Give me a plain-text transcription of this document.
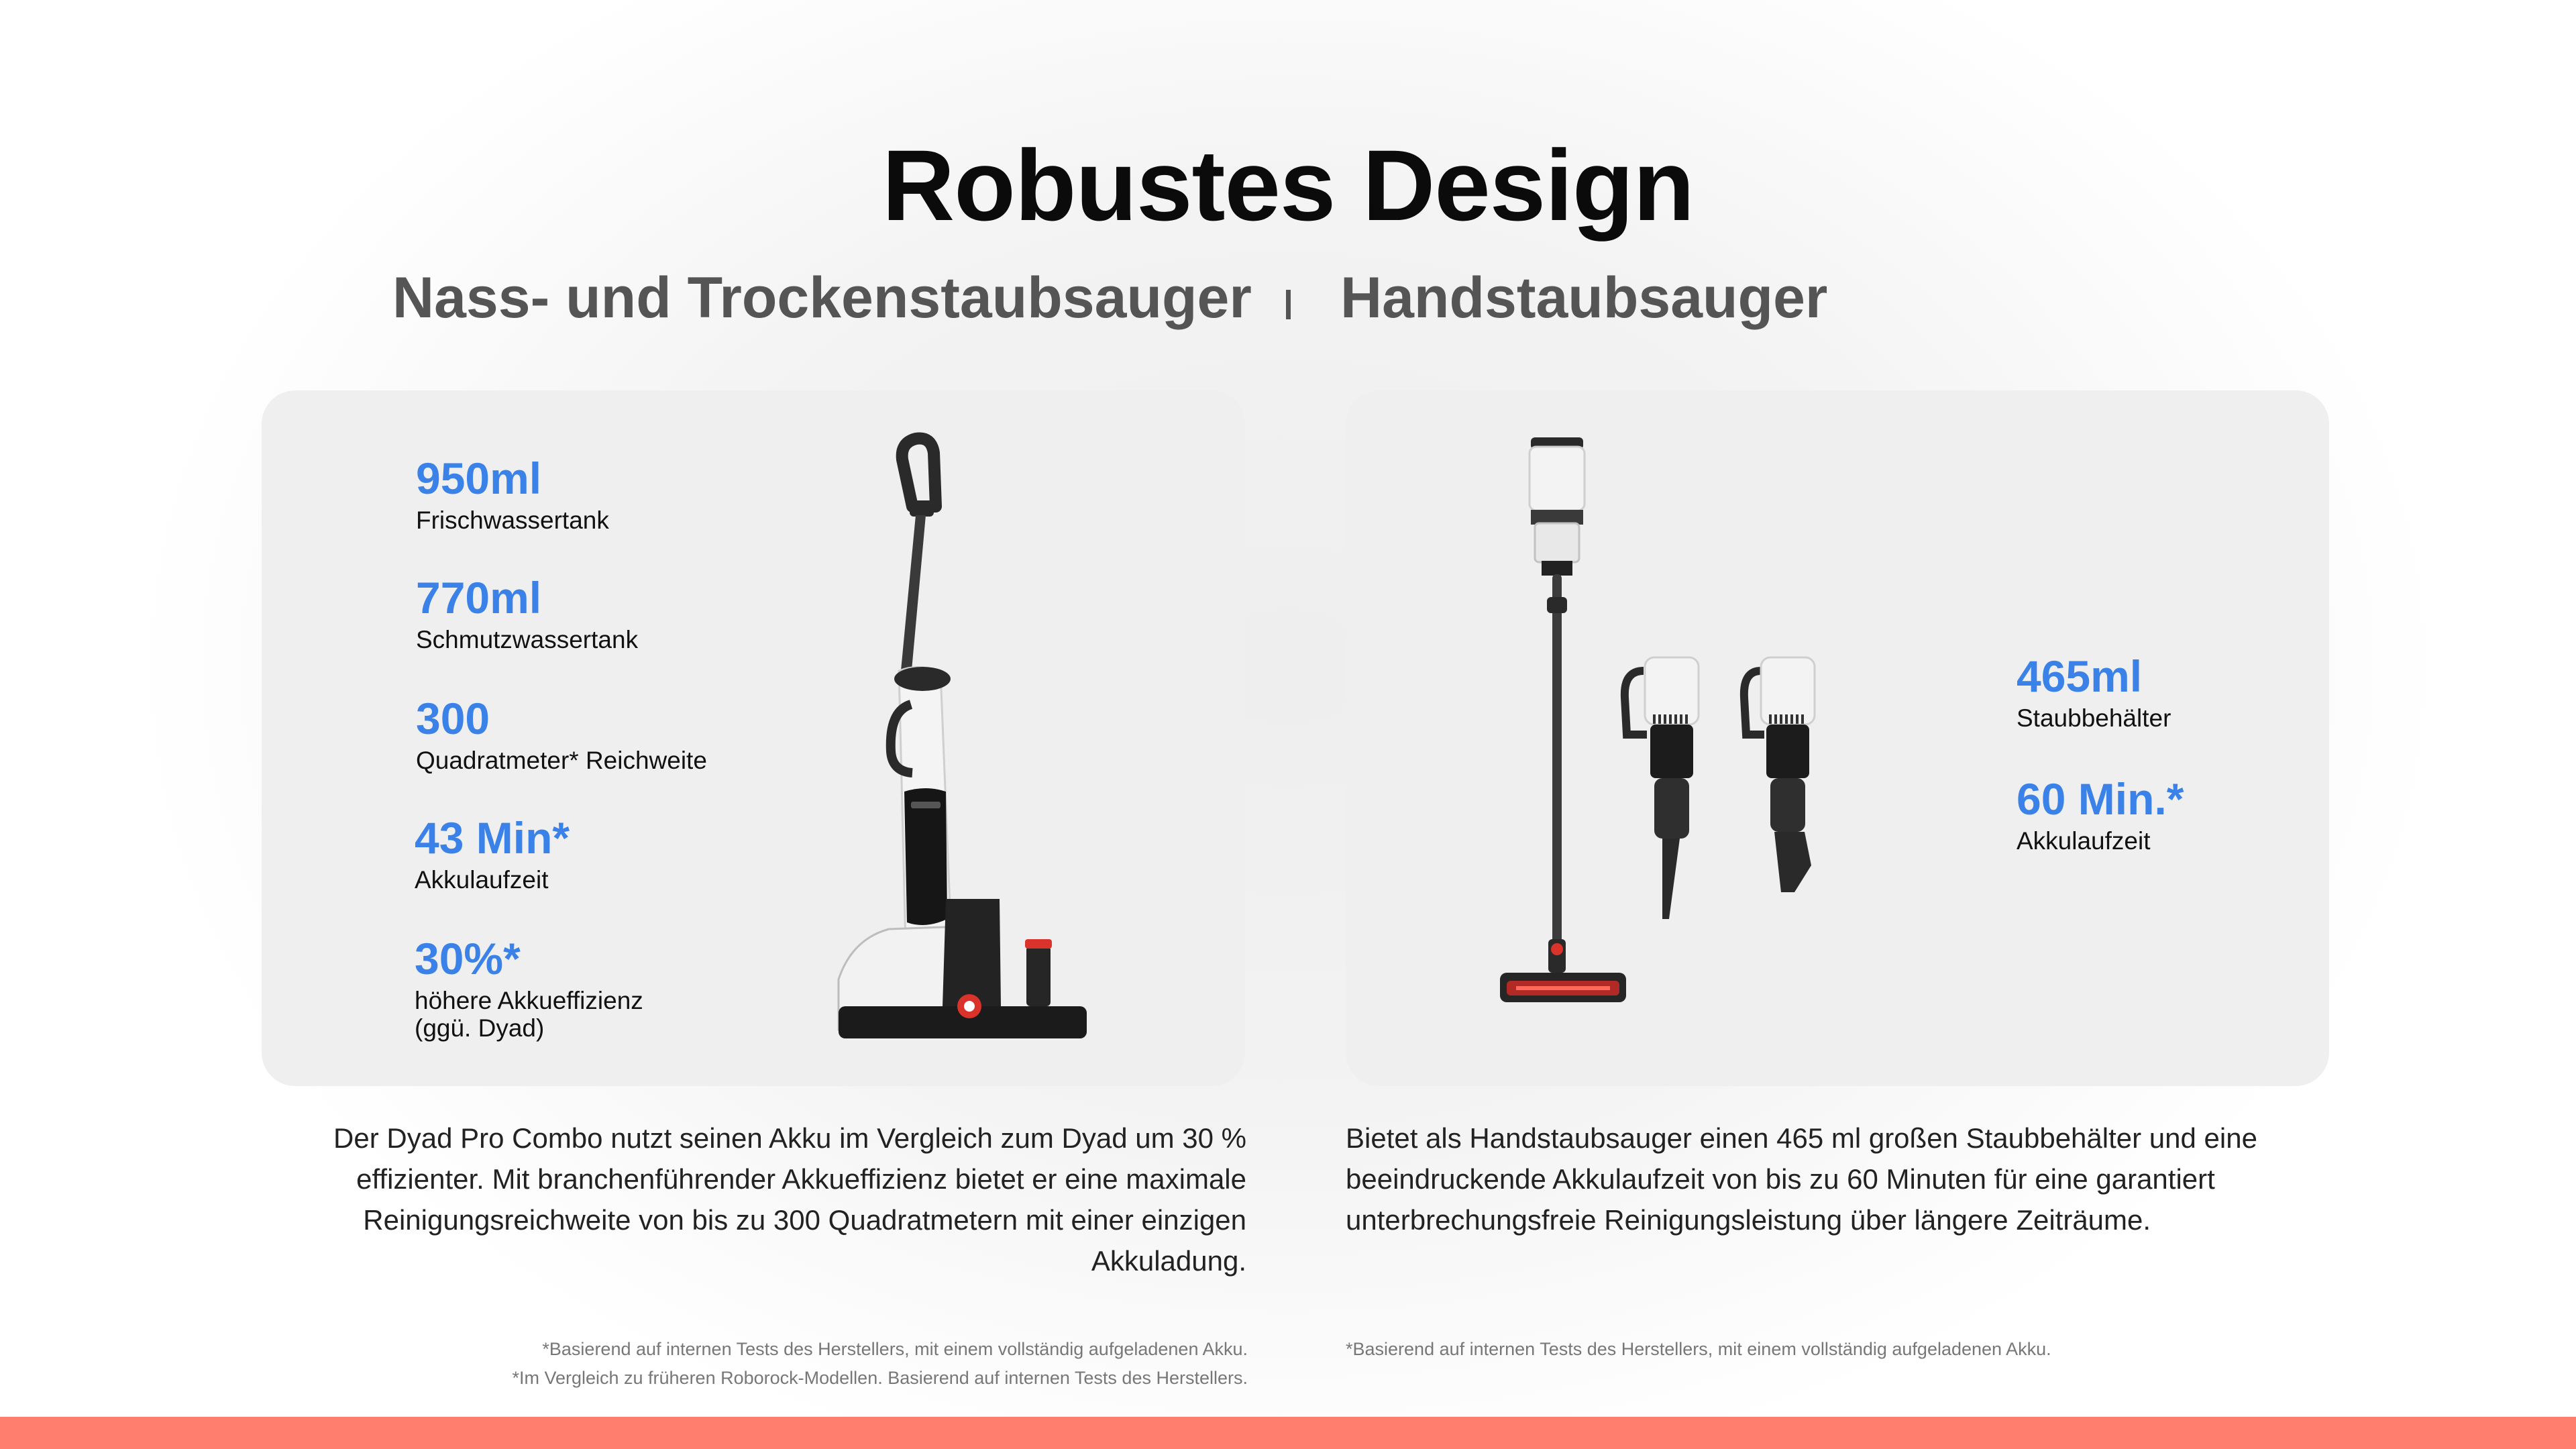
Robustes Design
Nass- und Trockenstaubsauger Handstaubsauger
950ml
Frischwassertank
770ml
Schmutzwassertank
300
Quadratmeter* Reichweite
43 Min*
Akkulaufzeit
30%*
höhere Akkueffizienz
(ggü. Dyad)
465ml
Staubbehälter
60 Min.*
Akkulaufzeit
Der Dyad Pro Combo nutzt seinen Akku im Vergleich zum Dyad um 30 % effizienter. Mit branchenführender Akkueffizienz bietet er eine maximale Reinigungsreichweite von bis zu 300 Quadratmetern mit einer einzigen Akkuladung.
Bietet als Handstaubsauger einen 465 ml großen Staubbehälter und eine beeindruckende Akkulaufzeit von bis zu 60 Minuten für eine garantiert unterbrechungsfreie Reinigungsleistung über längere Zeiträume.
*Basierend auf internen Tests des Herstellers, mit einem vollständig aufgeladenen Akku.
*Im Vergleich zu früheren Roborock-Modellen. Basierend auf internen Tests des Herstellers.
*Basierend auf internen Tests des Herstellers, mit einem vollständig aufgeladenen Akku.
